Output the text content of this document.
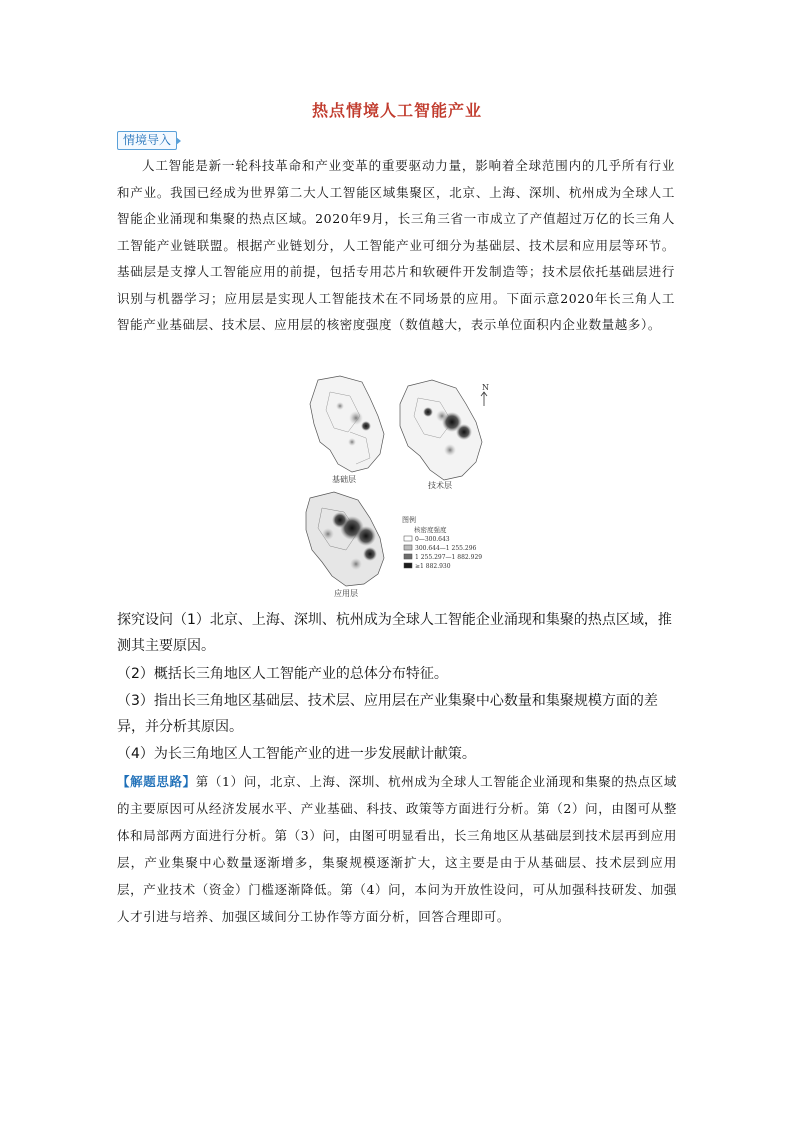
热点情境人工智能产业
情境导入
人工智能是新一轮科技革命和产业变革的重要驱动力量，影响着全球范围内的几乎所有行业和产业。我国已经成为世界第二大人工智能区域集聚区，北京、上海、深圳、杭州成为全球人工智能企业涌现和集聚的热点区域。2020年9月，长三角三省一市成立了产值超过万亿的长三角人工智能产业链联盟。根据产业链划分，人工智能产业可细分为基础层、技术层和应用层等环节。基础层是支撑人工智能应用的前提，包括专用芯片和软硬件开发制造等；技术层依托基础层进行识别与机器学习；应用层是实现人工智能技术在不同场景的应用。下面示意2020年长三角人工智能产业基础层、技术层、应用层的核密度强度（数值越大，表示单位面积内企业数量越多）。
基础层
技术层
N
应用层
图例
核密度强度
0—300.643
300.644—1 255.296
1 255.297—1 882.929
≥1 882.930
探究设问（1）北京、上海、深圳、杭州成为全球人工智能企业涌现和集聚的热点区域，推测其主要原因。
（2）概括长三角地区人工智能产业的总体分布特征。
（3）指出长三角地区基础层、技术层、应用层在产业集聚中心数量和集聚规模方面的差异，并分析其原因。
（4）为长三角地区人工智能产业的进一步发展献计献策。
【解题思路】第（1）问，北京、上海、深圳、杭州成为全球人工智能企业涌现和集聚的热点区域的主要原因可从经济发展水平、产业基础、科技、政策等方面进行分析。第（2）问，由图可从整体和局部两方面进行分析。第（3）问，由图可明显看出，长三角地区从基础层到技术层再到应用层，产业集聚中心数量逐渐增多，集聚规模逐渐扩大，这主要是由于从基础层、技术层到应用层，产业技术（资金）门槛逐渐降低。第（4）问，本问为开放性设问，可从加强科技研发、加强人才引进与培养、加强区域间分工协作等方面分析，回答合理即可。
